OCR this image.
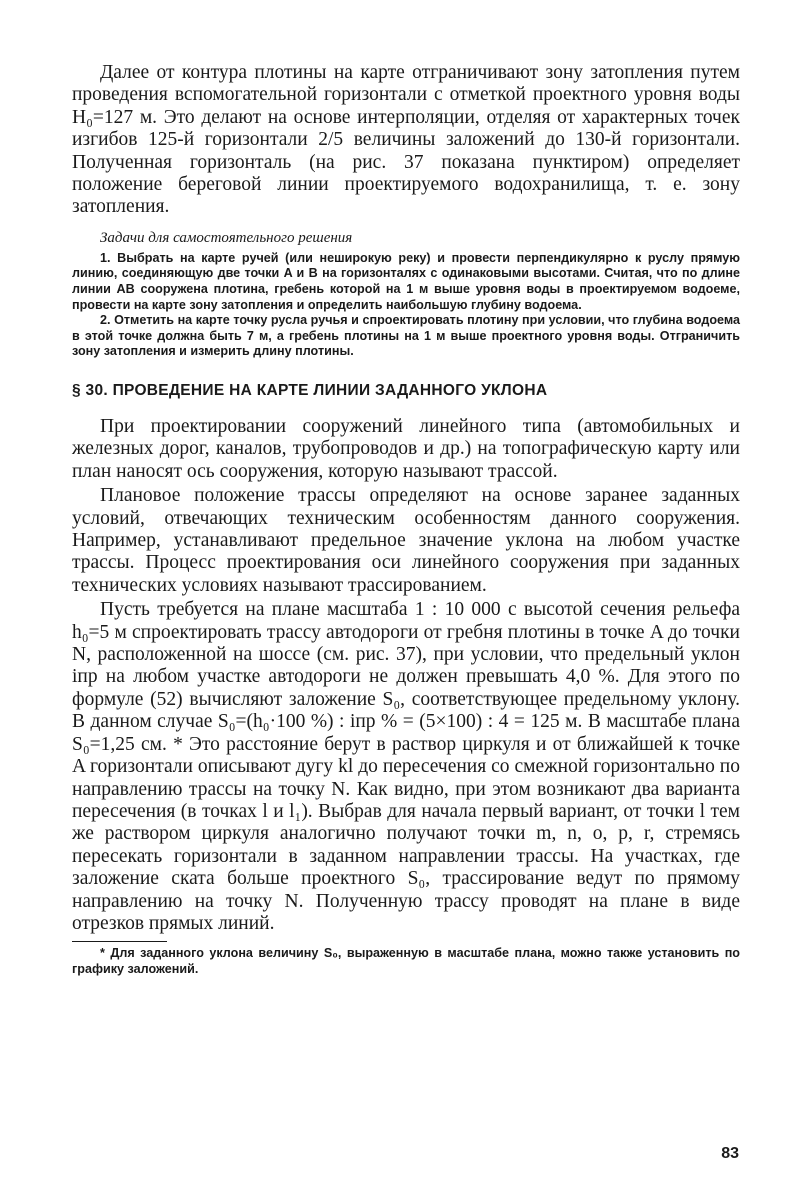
Далее от контура плотины на карте отграничивают зону затопления путем проведения вспомогательной горизонтали с отметкой проектного уровня воды H₀=127 м. Это делают на основе интерполяции, отделяя от характерных точек изгибов 125-й горизонтали 2/5 величины заложений до 130-й горизонтали. Полученная горизонталь (на рис. 37 показана пунктиром) определяет положение береговой линии проектируемого водохранилища, т. е. зону затопления.

Задачи для самостоятельного решения

1. Выбрать на карте ручей (или неширокую реку) и провести перпендикулярно к руслу прямую линию, соединяющую две точки A и B на горизонталях с одинаковыми высотами. Считая, что по длине линии AB сооружена плотина, гребень которой на 1 м выше уровня воды в проектируемом водоеме, провести на карте зону затопления и определить наибольшую глубину водоема.

2. Отметить на карте точку русла ручья и спроектировать плотину при условии, что глубина водоема в этой точке должна быть 7 м, а гребень плотины на 1 м выше проектного уровня воды. Отграничить зону затопления и измерить длину плотины.

§ 30. ПРОВЕДЕНИЕ НА КАРТЕ ЛИНИИ ЗАДАННОГО УКЛОНА

При проектировании сооружений линейного типа (автомобильных и железных дорог, каналов, трубопроводов и др.) на топографическую карту или план наносят ось сооружения, которую называют трассой.

Плановое положение трассы определяют на основе заранее заданных условий, отвечающих техническим особенностям данного сооружения. Например, устанавливают предельное значение уклона на любом участке трассы. Процесс проектирования оси линейного сооружения при заданных технических условиях называют трассированием.

Пусть требуется на плане масштаба 1 : 10 000 с высотой сечения рельефа h₀=5 м спроектировать трассу автодороги от гребня плотины в точке A до точки N, расположенной на шоссе (см. рис. 37), при условии, что предельный уклон iпр на любом участке автодороги не должен превышать 4,0 %. Для этого по формуле (52) вычисляют заложение S₀, соответствующее предельному уклону. В данном случае S₀=(h₀·100 %) : iпр % = (5×100) : 4 = 125 м. В масштабе плана S₀=1,25 см. * Это расстояние берут в раствор циркуля и от ближайшей к точке A горизонтали описывают дугу kl до пересечения со смежной горизонтально по направлению трассы на точку N. Как видно, при этом возникают два варианта пересечения (в точках l и l₁). Выбрав для начала первый вариант, от точки l тем же раствором циркуля аналогично получают точки m, n, o, p, r, стремясь пересекать горизонтали в заданном направлении трассы. На участках, где заложение ската больше проектного S₀, трассирование ведут по прямому направлению на точку N. Полученную трассу проводят на плане в виде отрезков прямых линий.

* Для заданного уклона величину S₀, выраженную в масштабе плана, можно также установить по графику заложений.

83
